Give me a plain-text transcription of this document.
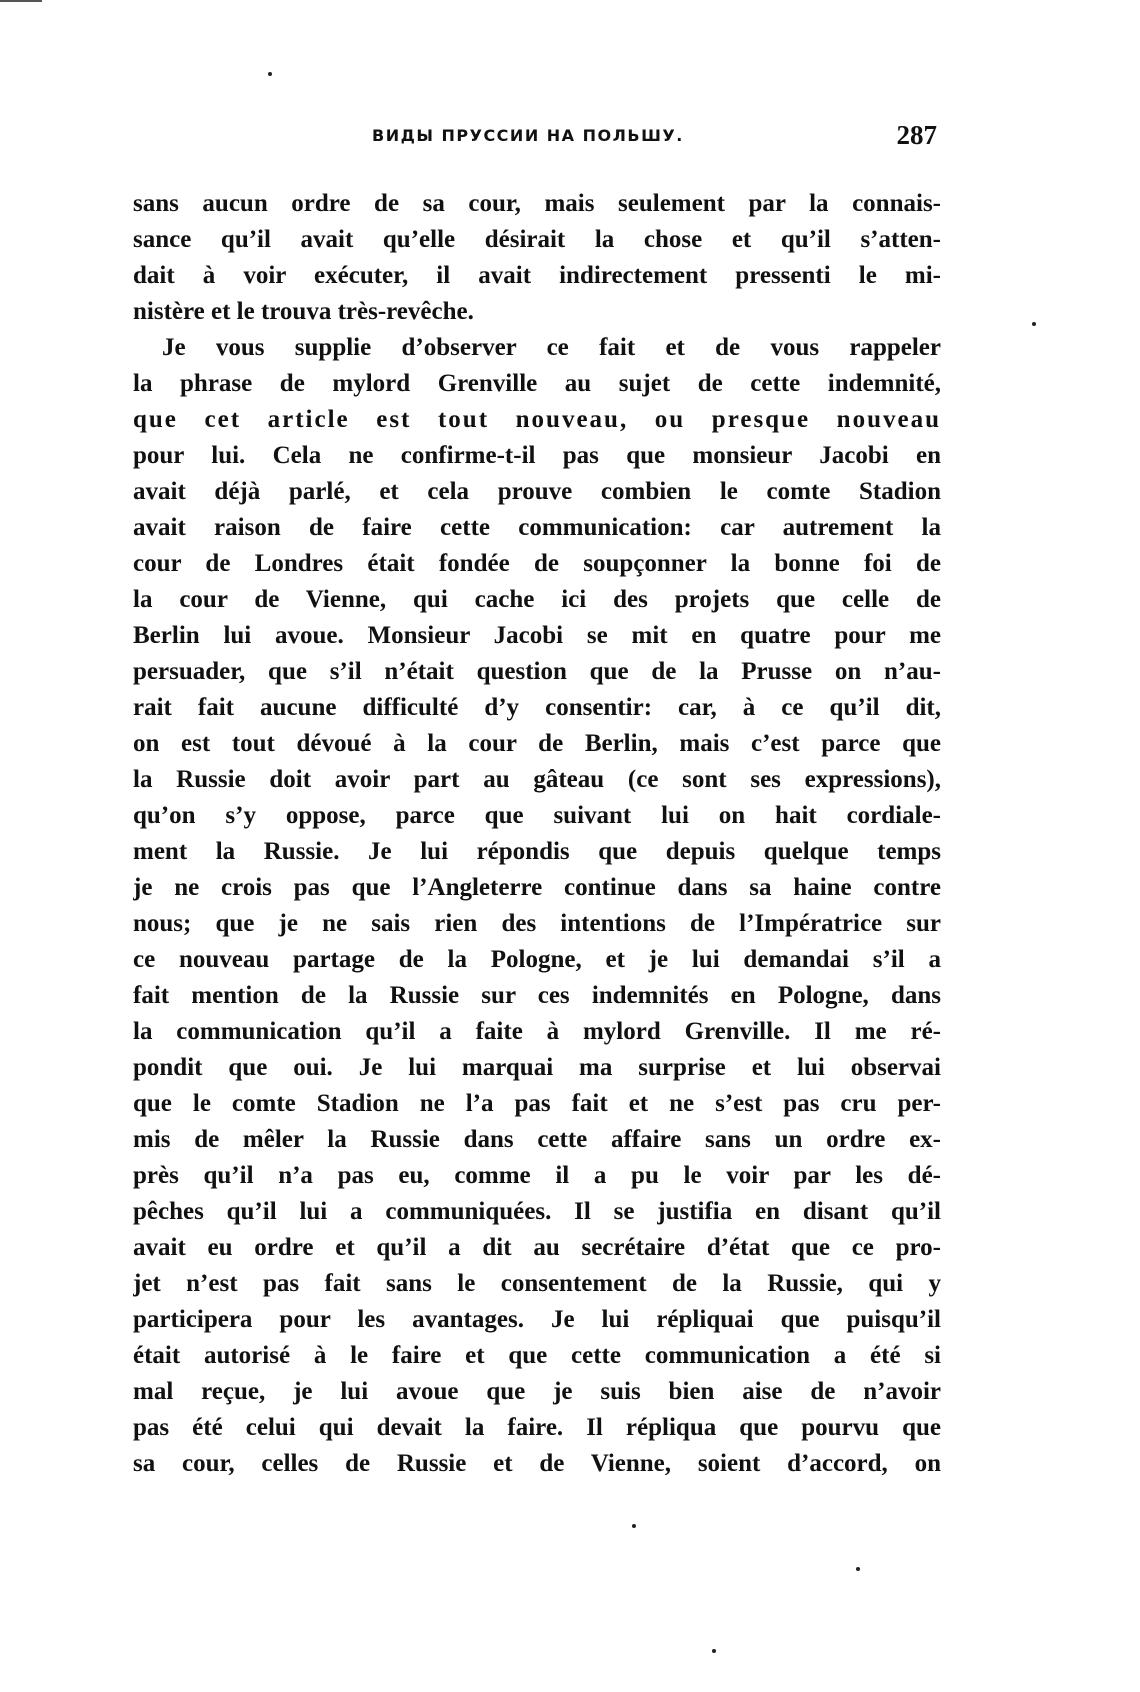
ВИДЫ ПРУССИИ НА ПОЛЬШУ.	287
sans aucun ordre de sa cour, mais seulement par la connais-
sance qu’il avait qu’elle désirait la chose et qu’il s’atten-
dait à voir exécuter, il avait indirectement pressenti le mi-
nistère et le trouva très-revêche.
Je vous supplie d’observer ce fait et de vous rappeler
la phrase de mylord Grenville au sujet de cette indemnité,
que cet article est tout nouveau, ou presque nouveau
pour lui. Cela ne confirme-t-il pas que monsieur Jacobi en
avait déjà parlé, et cela prouve combien le comte Stadion
avait raison de faire cette communication: car autrement la
cour de Londres était fondée de soupçonner la bonne foi de
la cour de Vienne, qui cache ici des projets que celle de
Berlin lui avoue. Monsieur Jacobi se mit en quatre pour me
persuader, que s’il n’était question que de la Prusse on n’au-
rait fait aucune difficulté d’y consentir: car, à ce qu’il dit,
on est tout dévoué à la cour de Berlin, mais c’est parce que
la Russie doit avoir part au gâteau (ce sont ses expressions),
qu’on s’y oppose, parce que suivant lui on hait cordiale-
ment la Russie. Je lui répondis que depuis quelque temps
je ne crois pas que l’Angleterre continue dans sa haine contre
nous; que je ne sais rien des intentions de l’Impératrice sur
ce nouveau partage de la Pologne, et je lui demandai s’il a
fait mention de la Russie sur ces indemnités en Pologne, dans
la communication qu’il a faite à mylord Grenville. Il me ré-
pondit que oui. Je lui marquai ma surprise et lui observai
que le comte Stadion ne l’a pas fait et ne s’est pas cru per-
mis de mêler la Russie dans cette affaire sans un ordre ex-
près qu’il n’a pas eu, comme il a pu le voir par les dé-
pêches qu’il lui a communiquées. Il se justifia en disant qu’il
avait eu ordre et qu’il a dit au secrétaire d’état que ce pro-
jet n’est pas fait sans le consentement de la Russie, qui y
participera pour les avantages. Je lui répliquai que puisqu’il
était autorisé à le faire et que cette communication a été si
mal reçue, je lui avoue que je suis bien aise de n’avoir
pas été celui qui devait la faire. Il répliqua que pourvu que
sa cour, celles de Russie et de Vienne, soient d’accord, on
